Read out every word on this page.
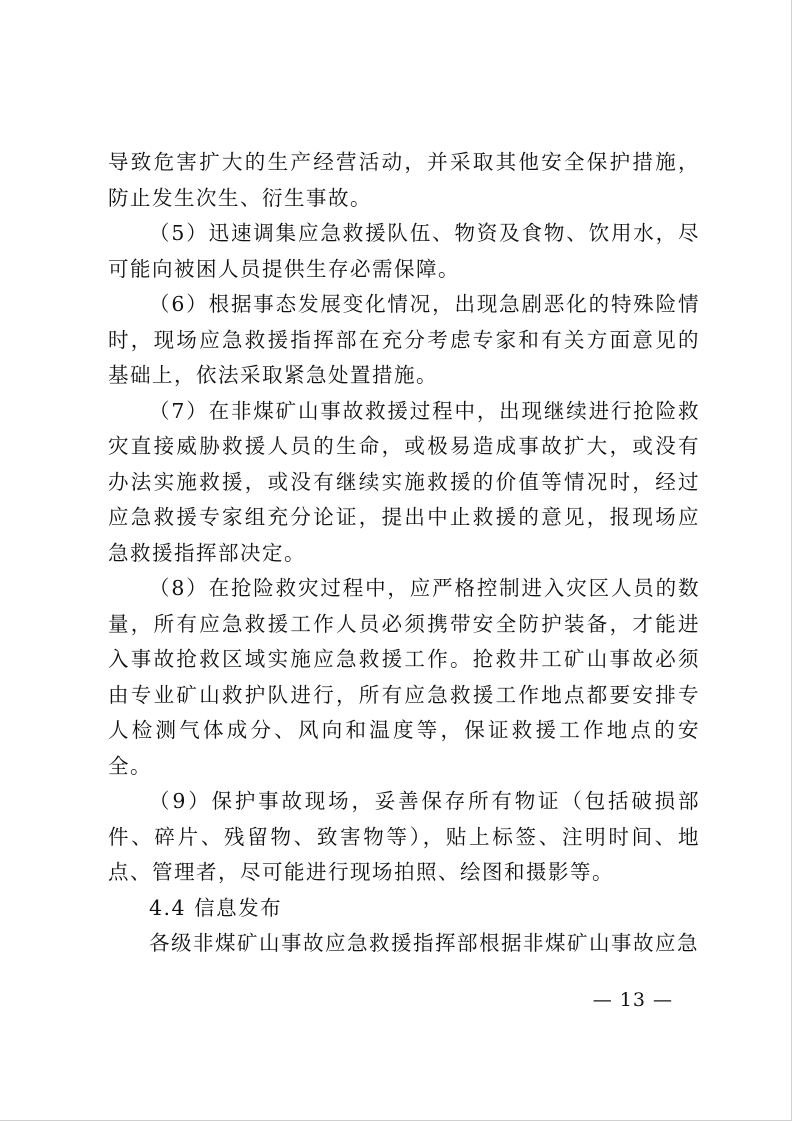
导致危害扩大的生产经营活动，并采取其他安全保护措施，防止发生次生、衍生事故。

（5）迅速调集应急救援队伍、物资及食物、饮用水，尽可能向被困人员提供生存必需保障。

（6）根据事态发展变化情况，出现急剧恶化的特殊险情时，现场应急救援指挥部在充分考虑专家和有关方面意见的基础上，依法采取紧急处置措施。

（7）在非煤矿山事故救援过程中，出现继续进行抢险救灾直接威胁救援人员的生命，或极易造成事故扩大，或没有办法实施救援，或没有继续实施救援的价值等情况时，经过应急救援专家组充分论证，提出中止救援的意见，报现场应急救援指挥部决定。

（8）在抢险救灾过程中，应严格控制进入灾区人员的数量，所有应急救援工作人员必须携带安全防护装备，才能进入事故抢救区域实施应急救援工作。抢救井工矿山事故必须由专业矿山救护队进行，所有应急救援工作地点都要安排专人检测气体成分、风向和温度等，保证救援工作地点的安全。

（9）保护事故现场，妥善保存所有物证（包括破损部件、碎片、残留物、致害物等），贴上标签、注明时间、地点、管理者，尽可能进行现场拍照、绘图和摄影等。

4.4 信息发布

各级非煤矿山事故应急救援指挥部根据非煤矿山事故应急

— 13 —
